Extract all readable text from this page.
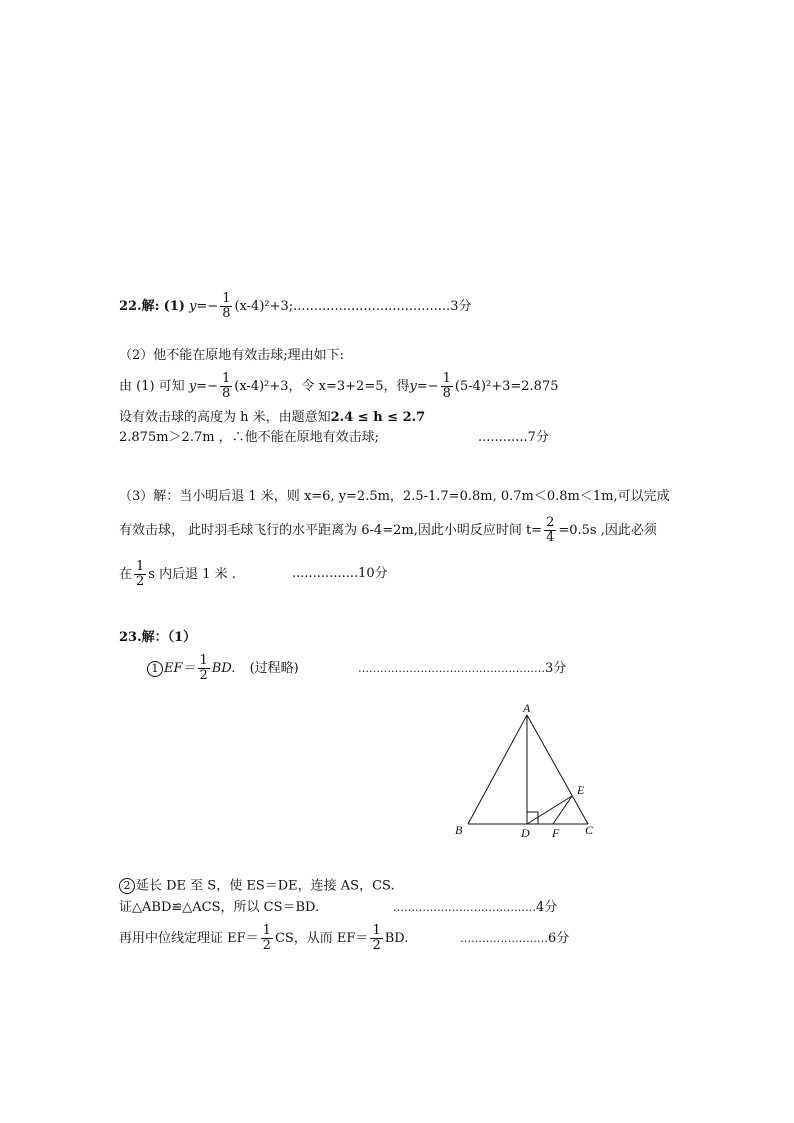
22.解: (1) $y=- \frac{1}{8}$ (x-4)²+3;......................................3分
（2）他不能在原地有效击球;理由如下:
由 (1) 可知 $y=- \frac{1}{8} (x-4)^2+3$，令 x=3+2=5，得$y=- \frac{1}{8} (5-4)^2+3=2.875$
设有效击球的高度为 h 米，由题意知2.4 ≤ h ≤ 2.7
2.875m＞2.7m ，∴他不能在原地有效击球;	............7分
（3）解：当小明后退 1 米，则 x=6, y=2.5m，2.5-1.7=0.8m, 0.7m＜0.8m＜1m,可以完成
有效击球， 此时羽毛球飞行的水平距离为 6-4=2m,因此小明反应时间 $t= \frac{2}{4} =0.5s$ ,因此必须
在 $\frac{1}{2}$ s 内后退 1 米 .	................10分
23.解：（1）
1 $EF= \frac{1}{2}$ BD. (过程略)	……………………………………………3分
A
B	C
D
E
F
2 延长 DE 至 S，使 ES＝DE，连接 AS，CS.
证△ABD≌△ACS，所以 CS＝BD.	…………………………………4分
再用中位线定理证 $EF= \frac{1}{2}$ CS，从而 $EF= \frac{1}{2}$ BD.	……………………6分
